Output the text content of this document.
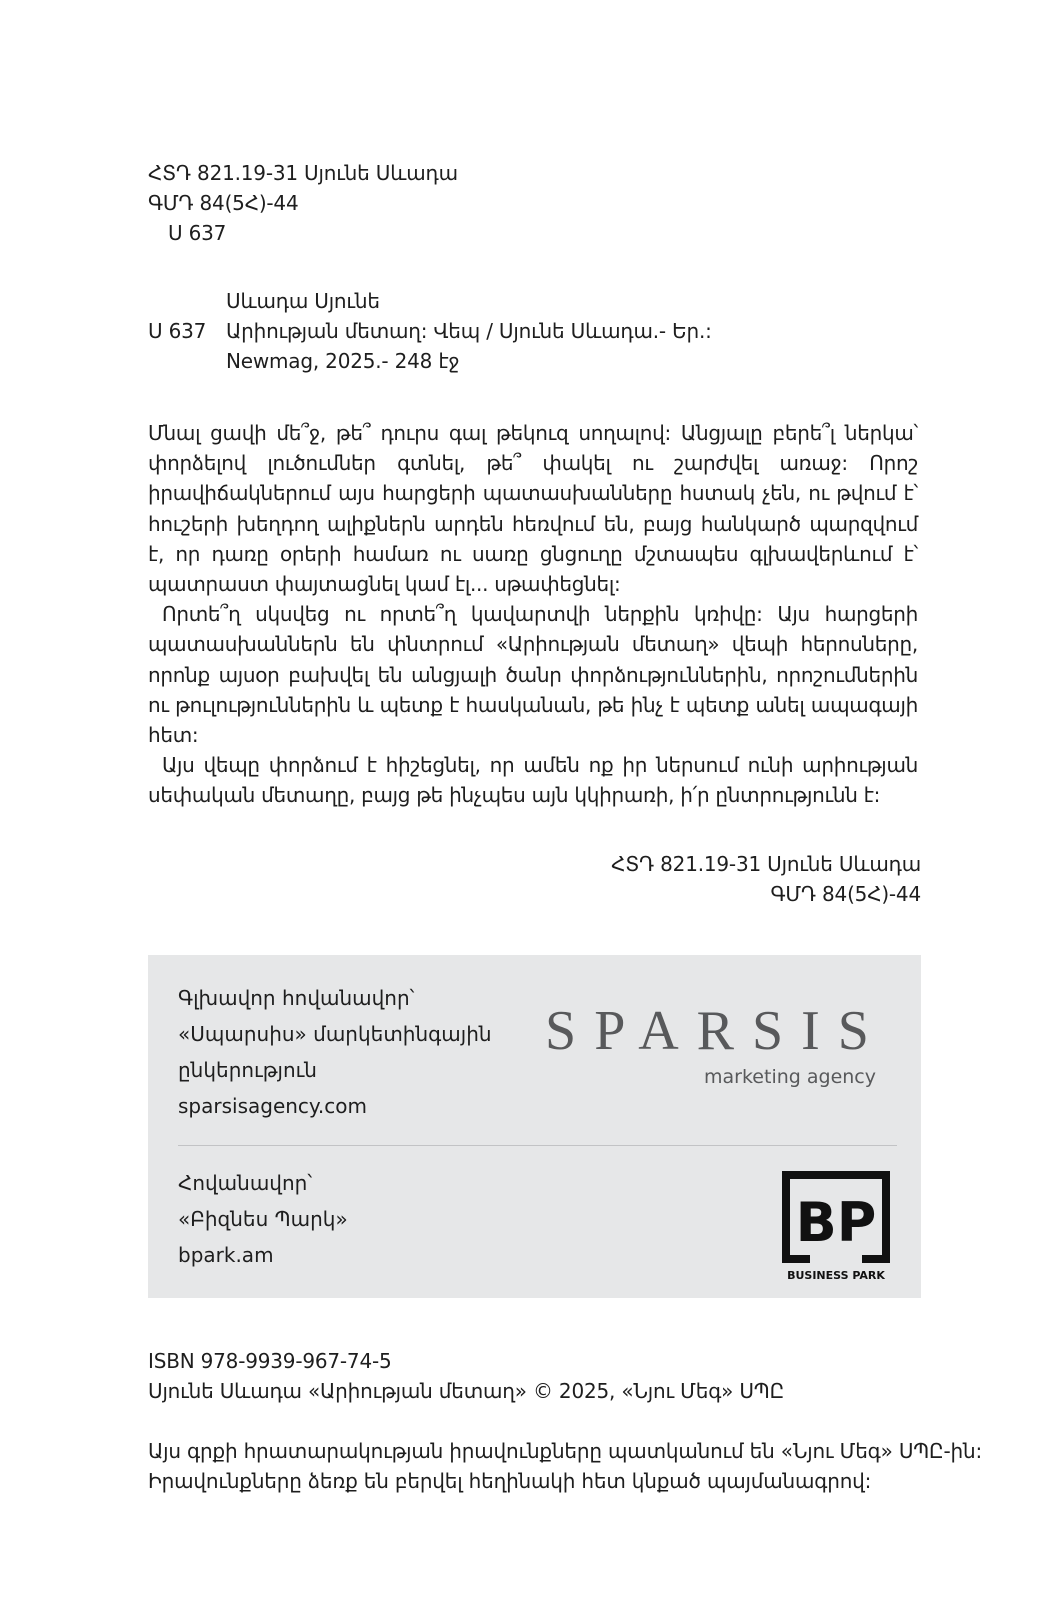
ՀՏԴ 821.19-31 Սյունե Սևադա
ԳՄԴ 84(5Հ)-44
Ս 637
Սևադա Սյունե
Ս 637 Արիության մետաղ: Վեպ / Սյունե Սևադա.- Եր.:
Newmag, 2025.- 248 էջ

Մնալ ցավի մե՞ջ, թե՞ դուրս գալ թեկուզ սողալով: Անցյալը բերե՞լ ներկա՝ փորձելով լուծումներ գտնել, թե՞ փակել ու շարժվել առաջ: Որոշ իրավիճակներում այս հարցերի պատասխանները հստակ չեն, ու թվում է՝ հուշերի խեղդող ալիքներն արդեն հեռվում են, բայց հանկարծ պարզվում է, որ դառը օրերի համառ ու սառը ցնցուղը մշտապես գլխավերևում է՝ պատրաստ փայտացնել կամ էլ... սթափեցնել:

Որտե՞ղ սկսվեց ու որտե՞ղ կավարտվի ներքին կռիվը: Այս հարցերի պատասխաններն են փնտրում «Արիության մետաղ» վեպի հերոսները, որոնք այսօր բախվել են անցյալի ծանր փորձություններին, որոշումներին ու թուլություններին և պետք է հասկանան, թե ինչ է պետք անել ապագայի հետ:

Այս վեպը փորձում է հիշեցնել, որ ամեն ոք իր ներսում ունի արիության սեփական մետաղը, բայց թե ինչպես այն կկիրառի, ի՛ր ընտրությունն է:

ՀՏԴ 821.19-31 Սյունե Սևադա
ԳՄԴ 84(5Հ)-44
Գլխավոր հովանավոր՝
«Սպարսիս» մարկետինգային
ընկերություն
sparsisagency.com
SPARSIS
marketing agency
Հովանավոր՝
«Բիզնես Պարկ»
bpark.am
BP
BUSINESS PARK
ISBN 978-9939-967-74-5
Սյունե Սևադա «Արիության մետաղ» © 2025, «Նյու Մեգ» ՍՊԸ
Այս գրքի հրատարակության իրավունքները պատկանում են «Նյու Մեգ» ՍՊԸ-ին:
Իրավունքները ձեռք են բերվել հեղինակի հետ կնքած պայմանագրով:
